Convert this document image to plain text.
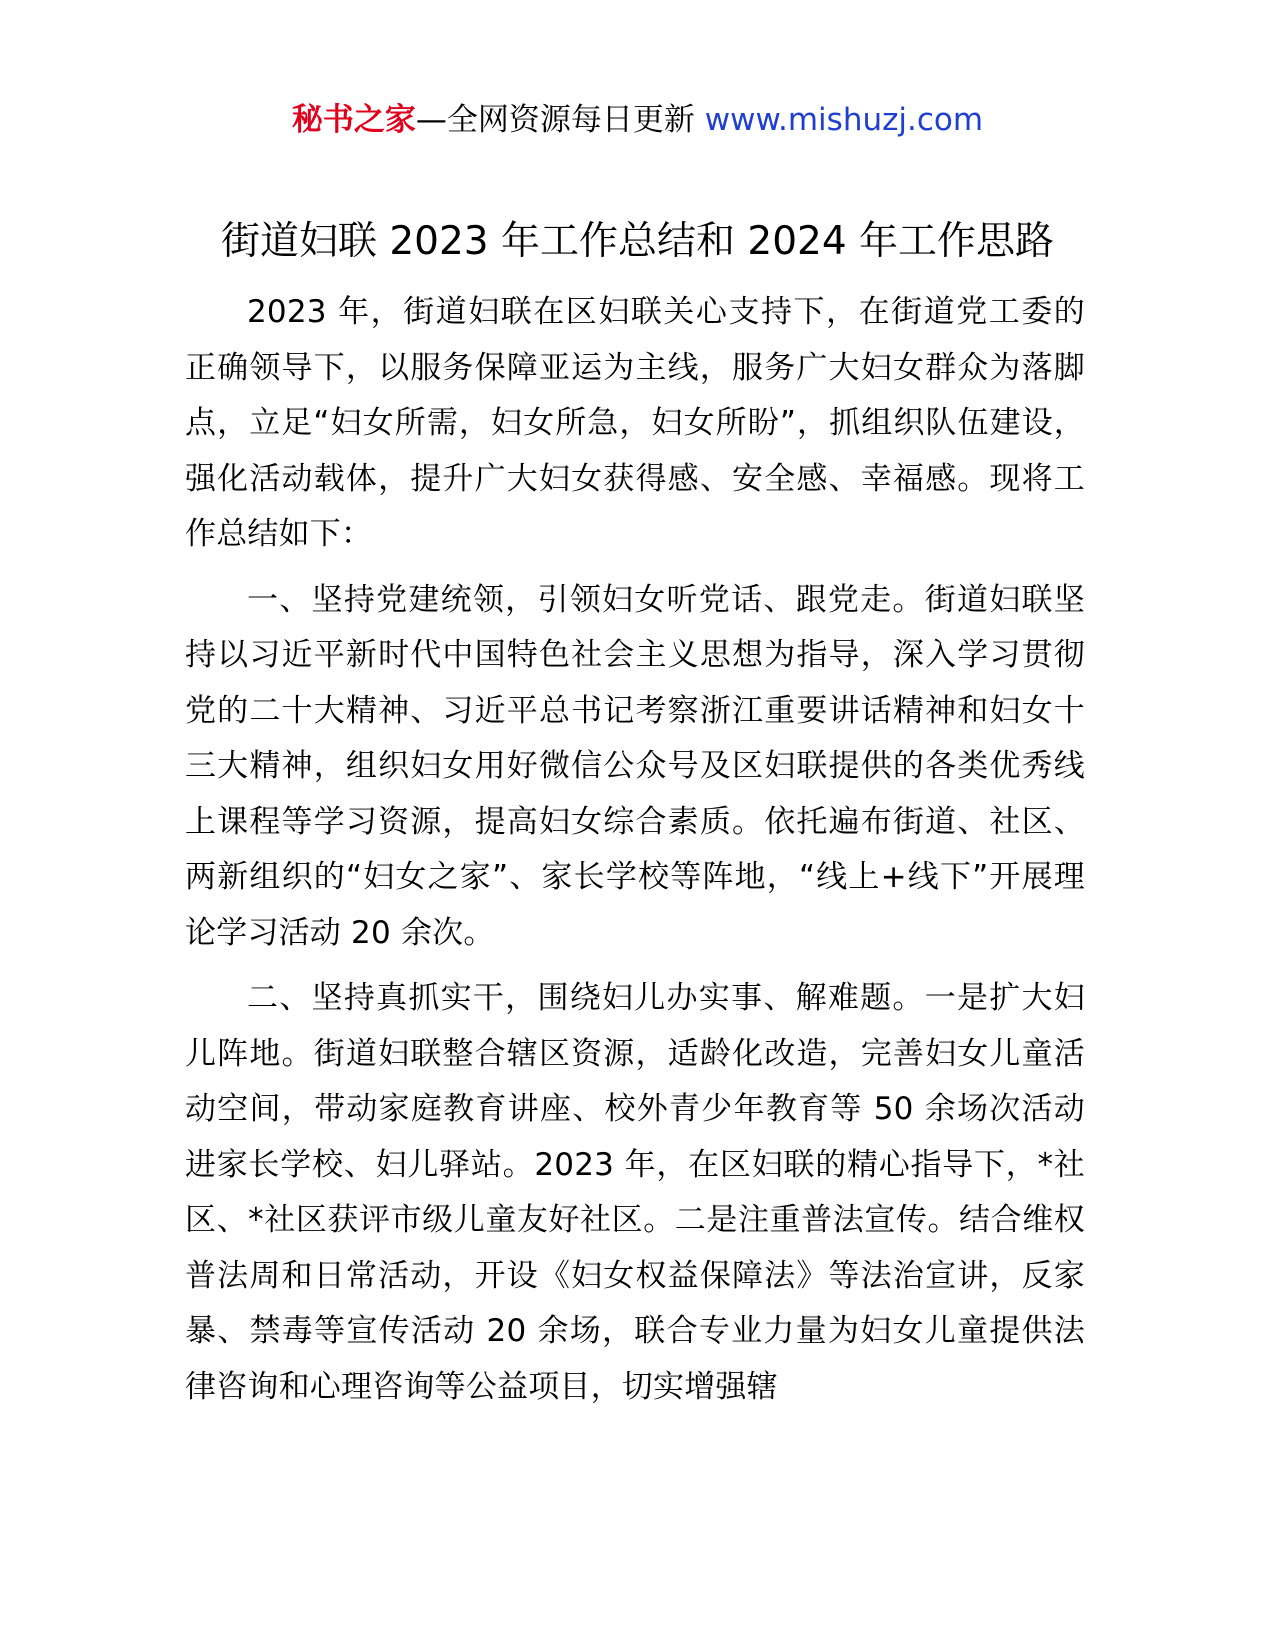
秘书之家—全网资源每日更新 www.mishuzj.com
街道妇联 2023 年工作总结和 2024 年工作思路

2023 年，街道妇联在区妇联关心支持下，在街道党工委的正确领导下，以服务保障亚运为主线，服务广大妇女群众为落脚点，立足“妇女所需，妇女所急，妇女所盼”，抓组织队伍建设，强化活动载体，提升广大妇女获得感、安全感、幸福感。现将工作总结如下：

一、坚持党建统领，引领妇女听党话、跟党走。街道妇联坚持以习近平新时代中国特色社会主义思想为指导，深入学习贯彻党的二十大精神、习近平总书记考察浙江重要讲话精神和妇女十三大精神，组织妇女用好微信公众号及区妇联提供的各类优秀线上课程等学习资源，提高妇女综合素质。依托遍布街道、社区、两新组织的“妇女之家”、家长学校等阵地，“线上+线下”开展理论学习活动 20 余次。

二、坚持真抓实干，围绕妇儿办实事、解难题。一是扩大妇儿阵地。街道妇联整合辖区资源，适龄化改造，完善妇女儿童活动空间，带动家庭教育讲座、校外青少年教育等 50 余场次活动进家长学校、妇儿驿站。2023 年，在区妇联的精心指导下，*社区、*社区获评市级儿童友好社区。二是注重普法宣传。结合维权普法周和日常活动，开设《妇女权益保障法》等法治宣讲，反家暴、禁毒等宣传活动 20 余场，联合专业力量为妇女儿童提供法律咨询和心理咨询等公益项目，切实增强辖
